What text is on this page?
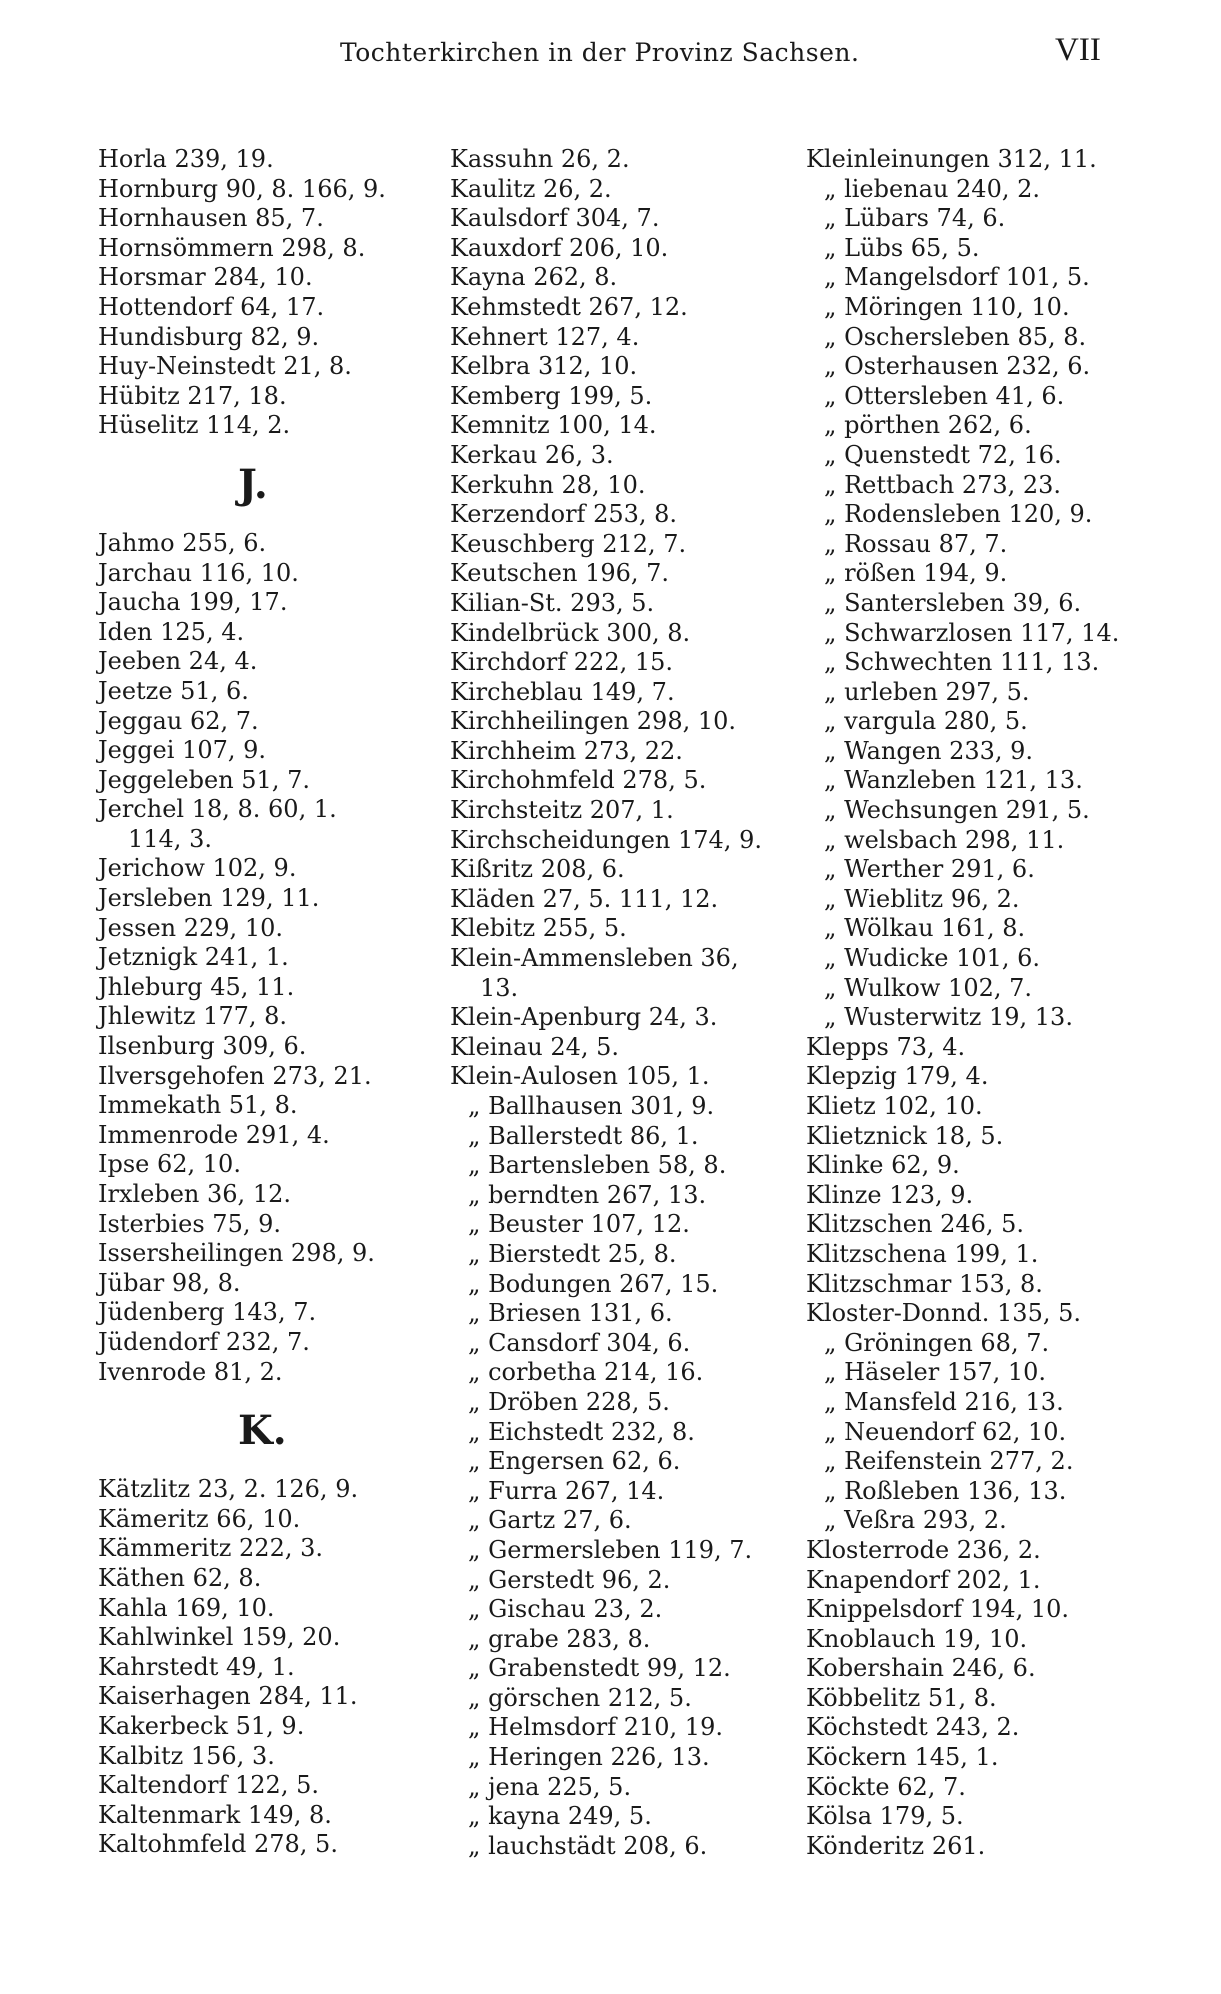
Tochterkirchen in der Provinz Sachsen.	VII
Horla 239, 19.
Hornburg 90, 8. 166, 9.
Hornhausen 85, 7.
Hornsömmern 298, 8.
Horsmar 284, 10.
Hottendorf 64, 17.
Hundisburg 82, 9.
Huy-Neinstedt 21, 8.
Hübitz 217, 18.
Hüselitz 114, 2.
J.
Jahmo 255, 6.
Jarchau 116, 10.
Jaucha 199, 17.
Iden 125, 4.
Jeeben 24, 4.
Jeetze 51, 6.
Jeggau 62, 7.
Jeggei 107, 9.
Jeggeleben 51, 7.
Jerchel 18, 8. 60, 1.
114, 3.
Jerichow 102, 9.
Jersleben 129, 11.
Jessen 229, 10.
Jetznigk 241, 1.
Jhleburg 45, 11.
Jhlewitz 177, 8.
Ilsenburg 309, 6.
Ilversgehofen 273, 21.
Immekath 51, 8.
Immenrode 291, 4.
Ipse 62, 10.
Irxleben 36, 12.
Isterbies 75, 9.
Issersheilingen 298, 9.
Jübar 98, 8.
Jüdenberg 143, 7.
Jüdendorf 232, 7.
Ivenrode 81, 2.
K.
Kätzlitz 23, 2. 126, 9.
Kämeritz 66, 10.
Kämmeritz 222, 3.
Käthen 62, 8.
Kahla 169, 10.
Kahlwinkel 159, 20.
Kahrstedt 49, 1.
Kaiserhagen 284, 11.
Kakerbeck 51, 9.
Kalbitz 156, 3.
Kaltendorf 122, 5.
Kaltenmark 149, 8.
Kaltohmfeld 278, 5.
Kassuhn 26, 2.
Kaulitz 26, 2.
Kaulsdorf 304, 7.
Kauxdorf 206, 10.
Kayna 262, 8.
Kehmstedt 267, 12.
Kehnert 127, 4.
Kelbra 312, 10.
Kemberg 199, 5.
Kemnitz 100, 14.
Kerkau 26, 3.
Kerkuhn 28, 10.
Kerzendorf 253, 8.
Keuschberg 212, 7.
Keutschen 196, 7.
Kilian-St. 293, 5.
Kindelbrück 300, 8.
Kirchdorf 222, 15.
Kircheblau 149, 7.
Kirchheilingen 298, 10.
Kirchheim 273, 22.
Kirchohmfeld 278, 5.
Kirchsteitz 207, 1.
Kirchscheidungen 174, 9.
Kißritz 208, 6.
Kläden 27, 5. 111, 12.
Klebitz 255, 5.
Klein-Ammensleben 36,
13.
Klein-Apenburg 24, 3.
Kleinau 24, 5.
Klein-Aulosen 105, 1.
„ Ballhausen 301, 9.
„ Ballerstedt 86, 1.
„ Bartensleben 58, 8.
„ berndten 267, 13.
„ Beuster 107, 12.
„ Bierstedt 25, 8.
„ Bodungen 267, 15.
„ Briesen 131, 6.
„ Cansdorf 304, 6.
„ corbetha 214, 16.
„ Dröben 228, 5.
„ Eichstedt 232, 8.
„ Engersen 62, 6.
„ Furra 267, 14.
„ Gartz 27, 6.
„ Germersleben 119, 7.
„ Gerstedt 96, 2.
„ Gischau 23, 2.
„ grabe 283, 8.
„ Grabenstedt 99, 12.
„ görschen 212, 5.
„ Helmsdorf 210, 19.
„ Heringen 226, 13.
„ jena 225, 5.
„ kayna 249, 5.
„ lauchstädt 208, 6.
Kleinleinungen 312, 11.
„ liebenau 240, 2.
„ Lübars 74, 6.
„ Lübs 65, 5.
„ Mangelsdorf 101, 5.
„ Möringen 110, 10.
„ Oschersleben 85, 8.
„ Osterhausen 232, 6.
„ Ottersleben 41, 6.
„ pörthen 262, 6.
„ Quenstedt 72, 16.
„ Rettbach 273, 23.
„ Rodensleben 120, 9.
„ Rossau 87, 7.
„ rößen 194, 9.
„ Santersleben 39, 6.
„ Schwarzlosen 117, 14.
„ Schwechten 111, 13.
„ urleben 297, 5.
„ vargula 280, 5.
„ Wangen 233, 9.
„ Wanzleben 121, 13.
„ Wechsungen 291, 5.
„ welsbach 298, 11.
„ Werther 291, 6.
„ Wieblitz 96, 2.
„ Wölkau 161, 8.
„ Wudicke 101, 6.
„ Wulkow 102, 7.
„ Wusterwitz 19, 13.
Klepps 73, 4.
Klepzig 179, 4.
Klietz 102, 10.
Klietznick 18, 5.
Klinke 62, 9.
Klinze 123, 9.
Klitzschen 246, 5.
Klitzschena 199, 1.
Klitzschmar 153, 8.
Kloster-Donnd. 135, 5.
„ Gröningen 68, 7.
„ Häseler 157, 10.
„ Mansfeld 216, 13.
„ Neuendorf 62, 10.
„ Reifenstein 277, 2.
„ Roßleben 136, 13.
„ Veßra 293, 2.
Klosterrode 236, 2.
Knapendorf 202, 1.
Knippelsdorf 194, 10.
Knoblauch 19, 10.
Kobershain 246, 6.
Köbbelitz 51, 8.
Köchstedt 243, 2.
Köckern 145, 1.
Köckte 62, 7.
Kölsa 179, 5.
Könderitz 261.
